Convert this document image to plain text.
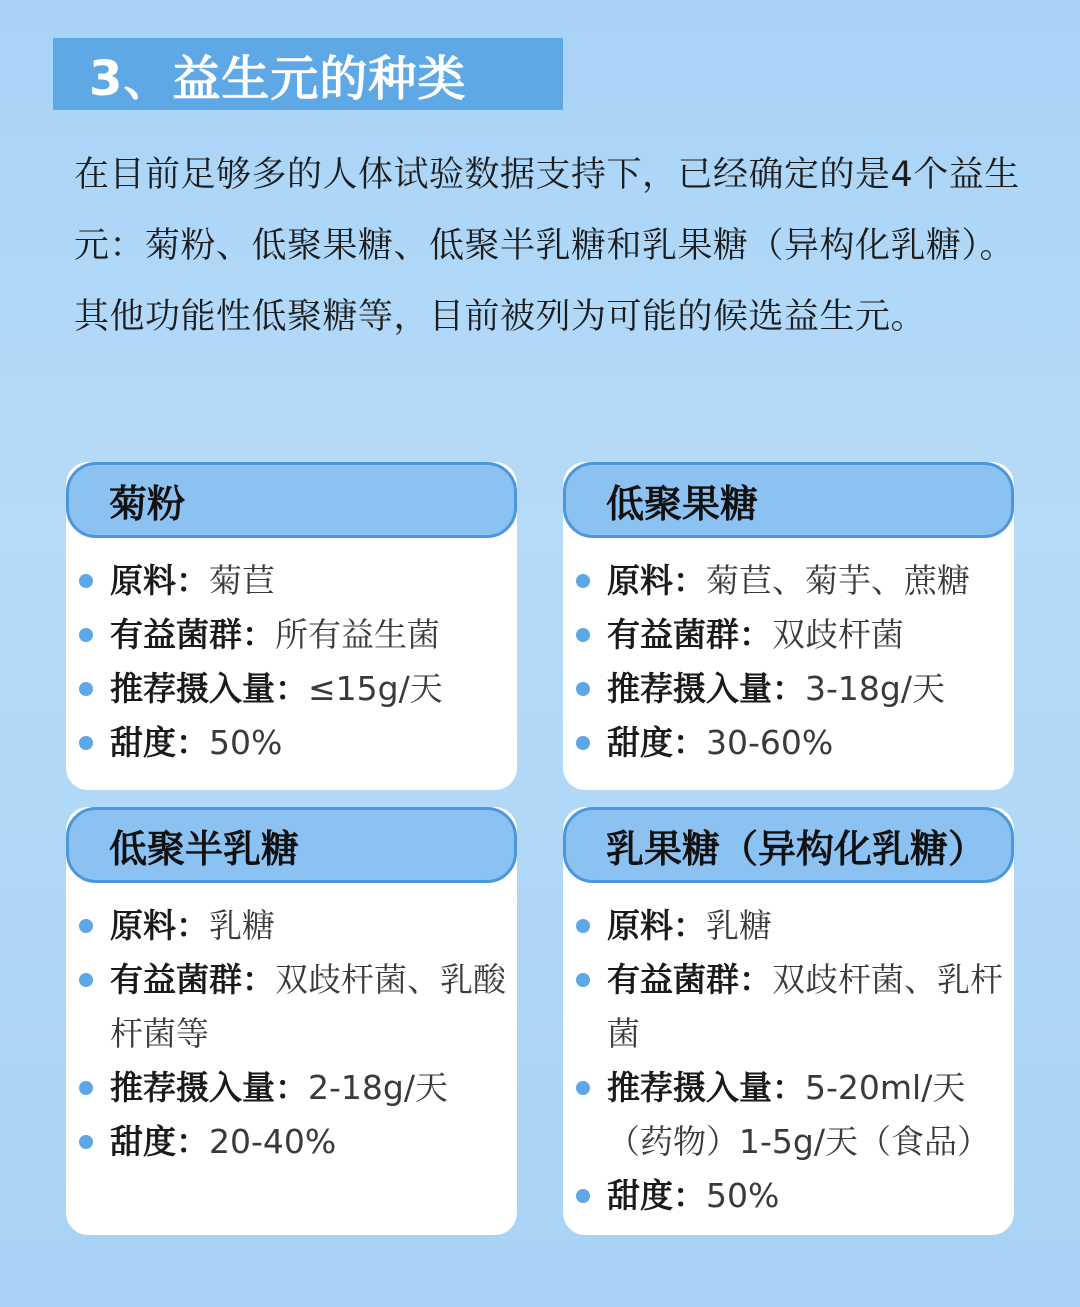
3、益生元的种类

在目前足够多的人体试验数据支持下，已经确定的是4个益生元：菊粉、低聚果糖、低聚半乳糖和乳果糖（异构化乳糖）。其他功能性低聚糖等，目前被列为可能的候选益生元。

菊粉
原料：菊苣
有益菌群：所有益生菌
推荐摄入量：≤15g/天
甜度：50%
低聚果糖
原料：菊苣、菊芋、蔗糖
有益菌群：双歧杆菌
推荐摄入量：3-18g/天
甜度：30-60%
低聚半乳糖
原料：乳糖
有益菌群：双歧杆菌、乳酸杆菌等
推荐摄入量：2-18g/天
甜度：20-40%
乳果糖（异构化乳糖）
原料：乳糖
有益菌群：双歧杆菌、乳杆菌
推荐摄入量：5-20ml/天（药物）1-5g/天（食品）
甜度：50%
